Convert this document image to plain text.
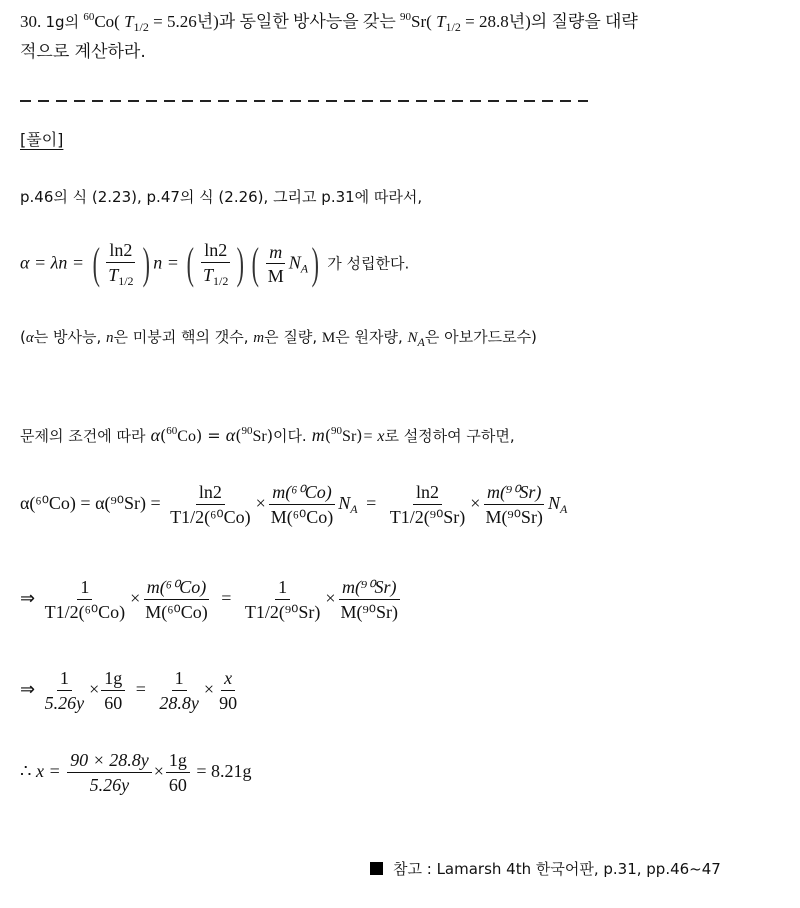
30. 1g의 $^{60}$Co( $T_{1/2} = 5.26$년)과 동일한 방사능을 갖는 $^{90}$Sr( $T_{1/2} = 28.8$년)의 질량을 대략
적으로 계산하라.
[풀이]
p.46의 식 (2.23), p.47의 식 (2.26), 그리고 p.31에 따라서,
α = λn = ( $\frac{\ln 2}{T_{1/2}}$ ) n = ( $\frac{\ln 2}{T_{1/2}}$ ) ( $\frac{m}{M} N_A$) 가 성립한다.
(α는 방사능, n은 미붕괴 핵의 갯수, m은 질량, M은 원자량, $N_A$은 아보가드로수)
문제의 조건에 따라 α($^{60}$Co) = α($^{90}$Sr)이다. m($^{90}$Sr)= x로 설정하여 구하면,
$\alpha(^{60}Co) = \alpha(^{90}Sr) = \frac{\ln 2}{\text{T1/2(⁶⁰Co)}} \times \frac{\text{m(⁶⁰Co)}}{\text{M(⁶⁰Co)}} N_A = \frac{\ln 2}{\text{T1/2(⁹⁰Sr)}} \times \frac{\text{m(⁹⁰Sr)}}{\text{M(⁹⁰Sr)}} N_A$
⇒ $\frac{1}{\text{T1/2(⁶⁰Co)}} \times \frac{\text{m(⁶⁰Co)}}{\text{M(⁶⁰Co)}} = \frac{1}{\text{T1/2(⁹⁰Sr)}} \times \frac{\text{m(⁹⁰Sr)}}{\text{M(⁹⁰Sr)}}$
⇒ $\frac{1}{5.26y} \times \frac{1g}{60} = \frac{1}{28.8y} \times \frac{x}{90}$
∴ $x = \frac{90 \times 28.8y}{5.26y} \times \frac{1g}{60} = 8.21g$
참고 : Lamarsh 4th 한국어판, p.31, pp.46~47
